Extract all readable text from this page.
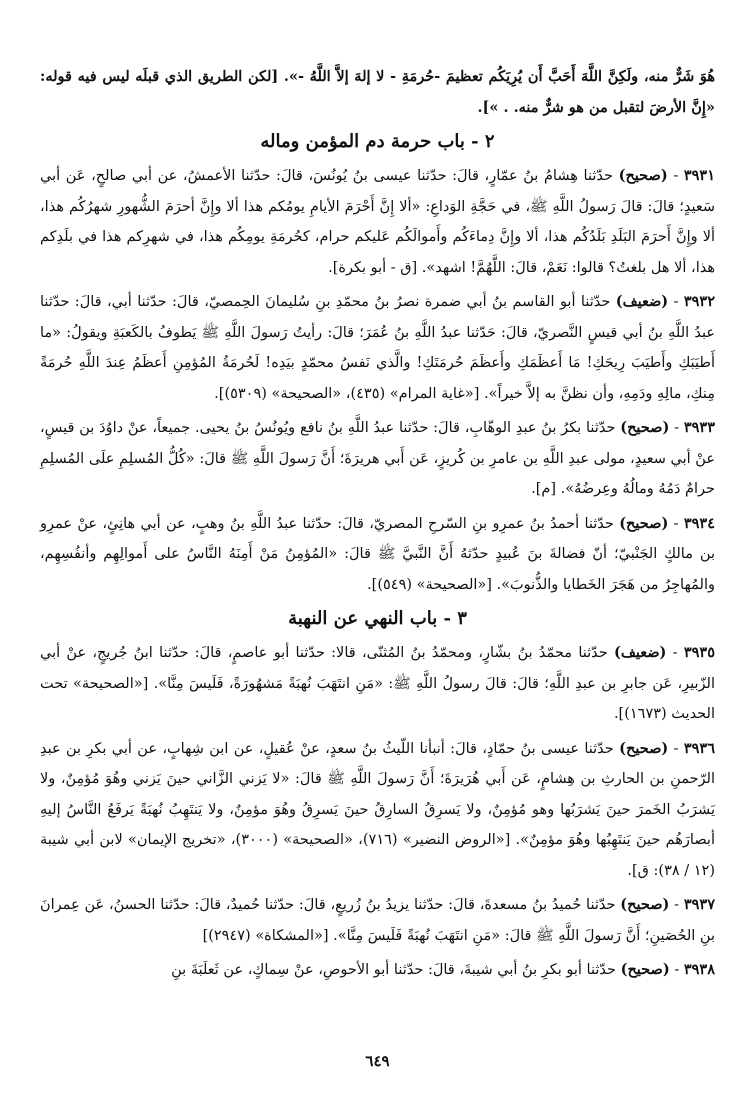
هُوَ شَرٌّ منه، ولَكِنَّ اللَّهَ أَحَبَّ أَن يُرِيَكُم تعظيمَ -حُرمَةِ - لا إلهَ إلاَّ اللَّهُ -». [لكن الطريق الذي قبلَه ليس فيه قوله: «إِنَّ الأرضَ لتقبل من هو شرٌّ منه. . »].

٢ - باب حرمة دم المؤمن وماله

٣٩٣١ - (صحيح) حدّثنا هِشامُ بنُ عمّارٍ، قالَ: حدّثنا عيسى بنُ يُونُسَ، قالَ: حدّثنا الأعمشُ، عن أبي صالحٍ، عَن أبي سَعيدٍ؛ قالَ: قالَ رَسولُ اللَّهِ ﷺ، في حَجَّةِ الوَداعِ: «ألا إِنَّ أَحْرَمَ الأيامِ يومُكم هذا ألا وإِنَّ أحرَمَ الشُّهورِ شهرُكُم هذا، ألا وإِنَّ أَحرَمَ البَلَدِ بَلَدُكُم هذا، ألا وإِنَّ دِماءَكُم وأَموالَكُم عَليكم حرام، كحُرمَةِ يومِكُم هذا، في شهرِكم هذا في بلَدِكم هذا، ألا هل بلغتُ؟ قالوا: نَعَمْ، قالَ: اللَّهُمَّ! اشهد». [ق - أبو بكرة].

٣٩٣٢ - (ضعيف) حدّثنا أبو القاسم بنُ أبي ضمرة نصرُ بنُ محمّدِ بنِ سُليمانَ الحِمصيّ، قالَ: حدّثنا أبي، قالَ: حدّثنا عبدُ اللَّهِ بنُ أبي قيسٍ النَّصريّ، قالَ: حَدّثنا عبدُ اللَّهِ بنُ عُمَرَ؛ قالَ: رأيتُ رَسولَ اللَّهِ ﷺ يَطوفُ بالكَعبَةِ ويقولُ: «ما أَطيَبَكِ وأَطيَبَ رِيحَكِ! مَا أَعظَمَكِ وأَعظَمَ حُرمَتَكِ! والَّذي نَفسُ محمّدٍ بيَدِه! لَحُرمَةُ المُؤمِنِ أَعظَمُ عِندَ اللَّهِ حُرمَةً مِنكِ، مالِهِ ودَمِهِ، وأن نظنَّ به إلاَّ خيراً». [«غاية المرام» (٤٣٥)، «الصحيحة» (٥٣٠٩)].

٣٩٣٣ - (صحيح) حدّثنا بكرُ بنُ عبدِ الوهّابِ، قالَ: حدّثنا عبدُ اللَّهِ بنُ نافع ويُونُسُ بنُ يحيى. جميعاً، عنْ داوُدَ بن قيسٍ، عنْ أبي سعيدٍ، مولى عبدِ اللَّهِ بن عامرِ بن كُريزٍ، عَن أَبي هريرَةَ؛ أَنَّ رَسولَ اللَّهِ ﷺ قالَ: «كُلُّ المُسلِمِ علَى المُسلِمِ حرامٌ دَمُهُ ومالُهُ وعِرضُهُ». [م].

٣٩٣٤ - (صحيح) حدّثنا أحمدُ بنُ عمرِو بنِ السّرحِ المصريّ، قالَ: حدّثنا عبدُ اللَّهِ بنُ وهبٍ، عن أبي هانِئٍ، عنْ عمرِو بن مالكٍ الجَنْبيّ؛ أنّ فضالةَ بنَ عُبيدٍ حدّثهُ أَنَّ النَّبيَّ ﷺ قالَ: «المُؤمِنُ مَنْ أَمِنَهُ النَّاسُ على أَموالِهِم وأنفُسِهِم، والمُهاجِرُ من هَجَرَ الخَطايا والذُّنوبَ». [«الصحيحة» (٥٤٩)].

٣ - باب النهي عن النهبة

٣٩٣٥ - (ضعيف) حدّثنا محمّدُ بنُ بشّارٍ، ومحمّدُ بنُ المُثنّى، قالا: حدّثنا أبو عاصمٍ، قالَ: حدّثنا ابنُ جُريجٍ، عنْ أبي الزّبيرِ، عَن جابرِ بن عبدِ اللَّهِ؛ قالَ: قالَ رسولُ اللَّهِ ﷺ: «مَنِ انتَهَبَ نُهبَةً مَشهُورَةً، فَلَيسَ مِنَّا». [«الصحيحة» تحت الحديث (١٦٧٣)].

٣٩٣٦ - (صحيح) حدّثنا عيسى بنُ حمّادٍ، قالَ: أنبأنا اللّيثُ بنُ سعدٍ، عنْ عُقيلٍ، عن ابن شِهابٍ، عن أبي بكرِ بن عبدِ الرّحمنِ بن الحارثِ بن هِشامٍ، عَن أَبي هُرَيرَةَ؛ أَنَّ رَسولَ اللَّهِ ﷺ قالَ: «لا يَزني الزَّاني حينَ يَزني وهُوَ مُؤمِنٌ، ولا يَشرَبُ الخَمرَ حينَ يَشرَبُها وهو مُؤمِنٌ، ولا يَسرِقُ السارِقُ حينَ يَسرِقُ وهُوَ مؤمِنٌ، ولا يَنتَهِبُ نُهبَةً يَرفَعُ النَّاسُ إليهِ أبصارَهُم حينَ يَنتَهِبُها وهُوَ مؤمِنٌ». [«الروض النضير» (٧١٦)، «الصحيحة» (٣٠٠٠)، «تخريج الإيمان» لابن أبي شيبة (١٢ / ٣٨): ق].

٣٩٣٧ - (صحيح) حدّثنا حُميدُ بنُ مسعدةَ، قالَ: حدّثنا يزيدُ بنُ زُريعٍ، قالَ: حدّثنا حُميدٌ، قالَ: حدّثنا الحسنُ، عَن عِمرانَ بنِ الحُصَينِ؛ أَنَّ رَسولَ اللَّهِ ﷺ قالَ: «مَنِ انتَهَبَ نُهبَةً فَلَيسَ مِنَّا». [«المشكاة» (٢٩٤٧)]

٣٩٣٨ - (صحيح) حدّثنا أبو بكرِ بنُ أبي شيبةَ، قالَ: حدّثنا أبو الأحوصِ، عنْ سِماكٍ، عن ثَعلَبَةَ بنِ

٦٤٩
